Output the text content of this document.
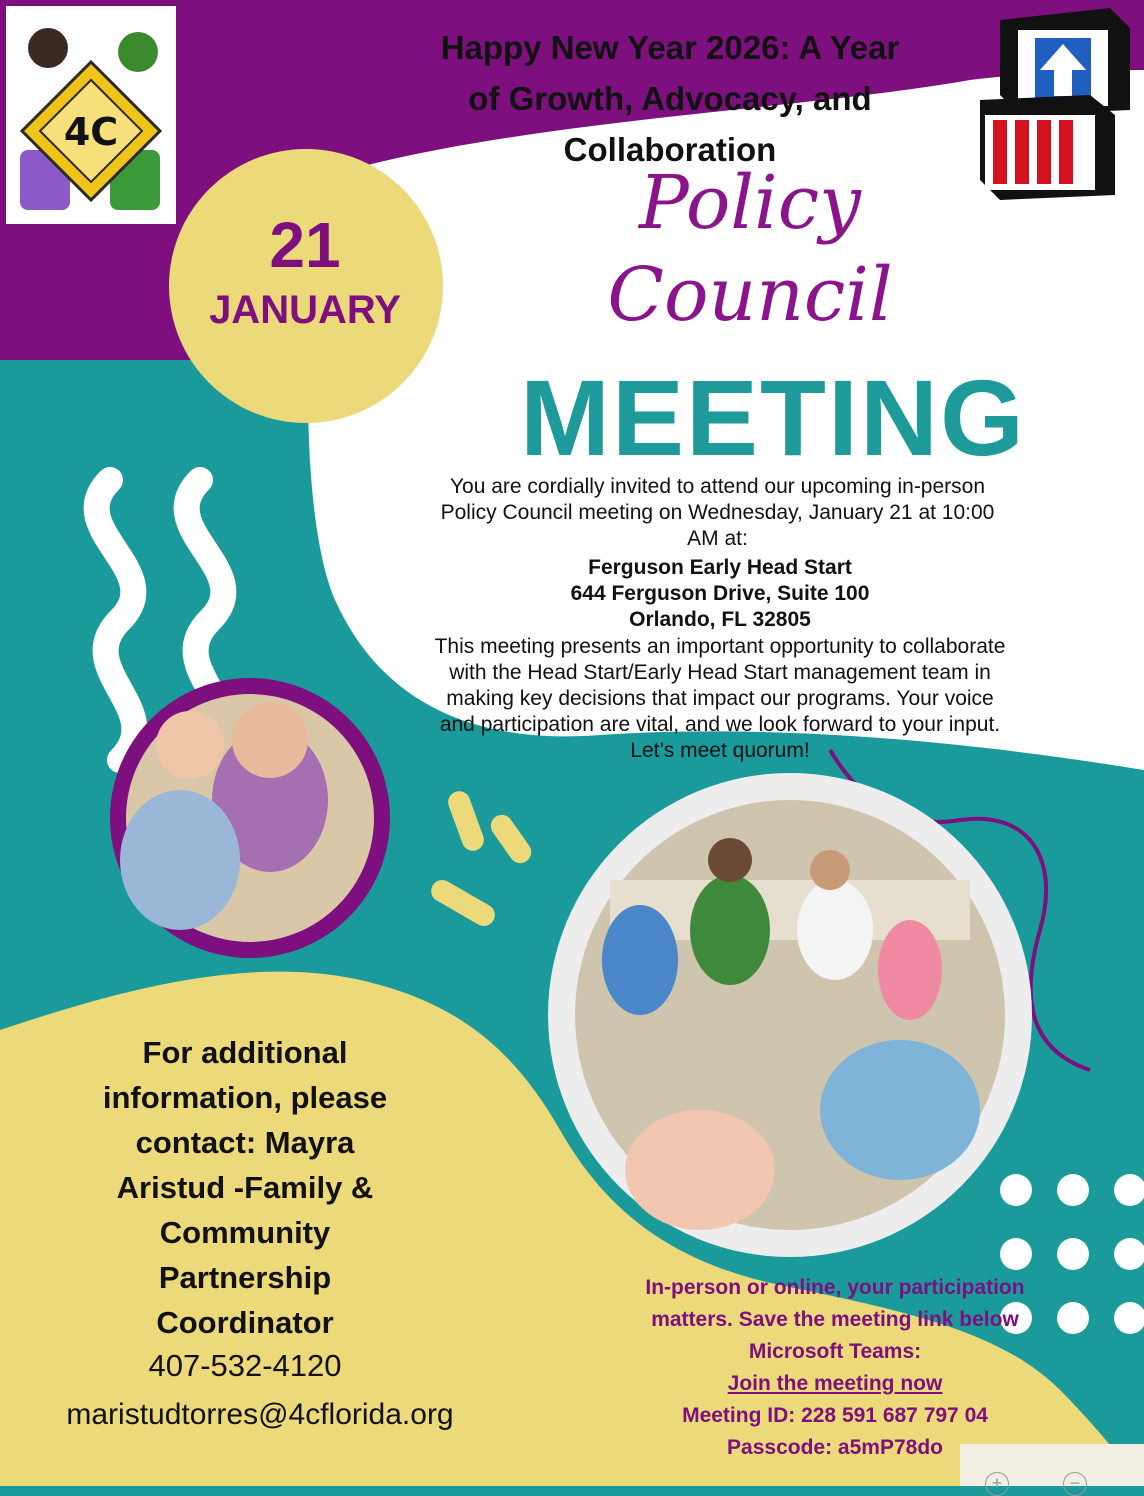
4C
Happy New Year 2026: A Year
of Growth, Advocacy, and
Collaboration
21
JANUARY
Policy
Council
MEETING
You are cordially invited to attend our upcoming in-person
Policy Council meeting on Wednesday, January 21 at 10:00
AM at:
Ferguson Early Head Start
644 Ferguson Drive, Suite 100
Orlando, FL 32805
This meeting presents an important opportunity to collaborate
with the Head Start/Early Head Start management team in
making key decisions that impact our programs. Your voice
and participation are vital, and we look forward to your input.
Let’s meet quorum!
For additional
information, please
contact: Mayra
Aristud -Family &
Community
Partnership
Coordinator
407-532-4120
maristudtorres@4cflorida.org
In-person or online, your participation
matters. Save the meeting link below
Microsoft Teams:
Join the meeting now
Meeting ID: 228 591 687 797 04
Passcode: a5mP78do
+	−
